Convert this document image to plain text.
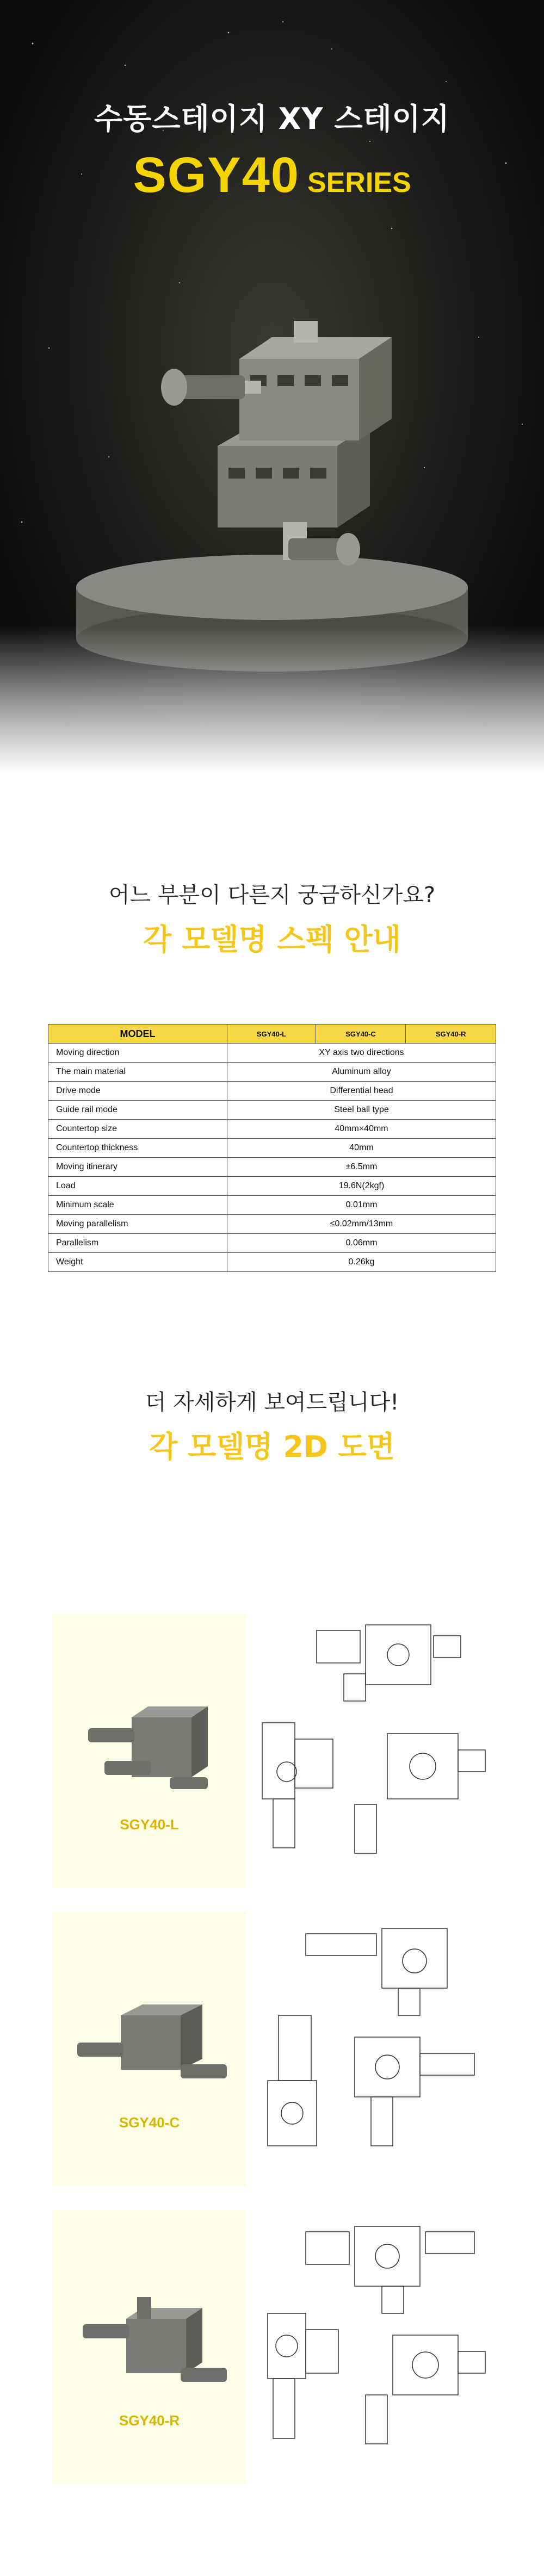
수동스테이지 XY 스테이지
SGY40 SERIES
어느 부분이 다른지 궁금하신가요?
각 모델명 스펙 안내
MODEL	SGY40-L	SGY40-C	SGY40-R
Moving direction	XY axis two directions		
The main material	Aluminum alloy		
Drive mode	Differential head		
Guide rail mode	Steel ball type		
Countertop size	40mm×40mm		
Countertop thickness	40mm		
Moving itinerary	±6.5mm		
Load	19.6N(2kgf)		
Minimum scale	0.01mm		
Moving parallelism	≤0.02mm/13mm		
Parallelism	0.06mm		
Weight	0.26kg		
더 자세하게 보여드립니다!
각 모델명 2D 도면
SGY40-L
SGY40-C
SGY40-R
